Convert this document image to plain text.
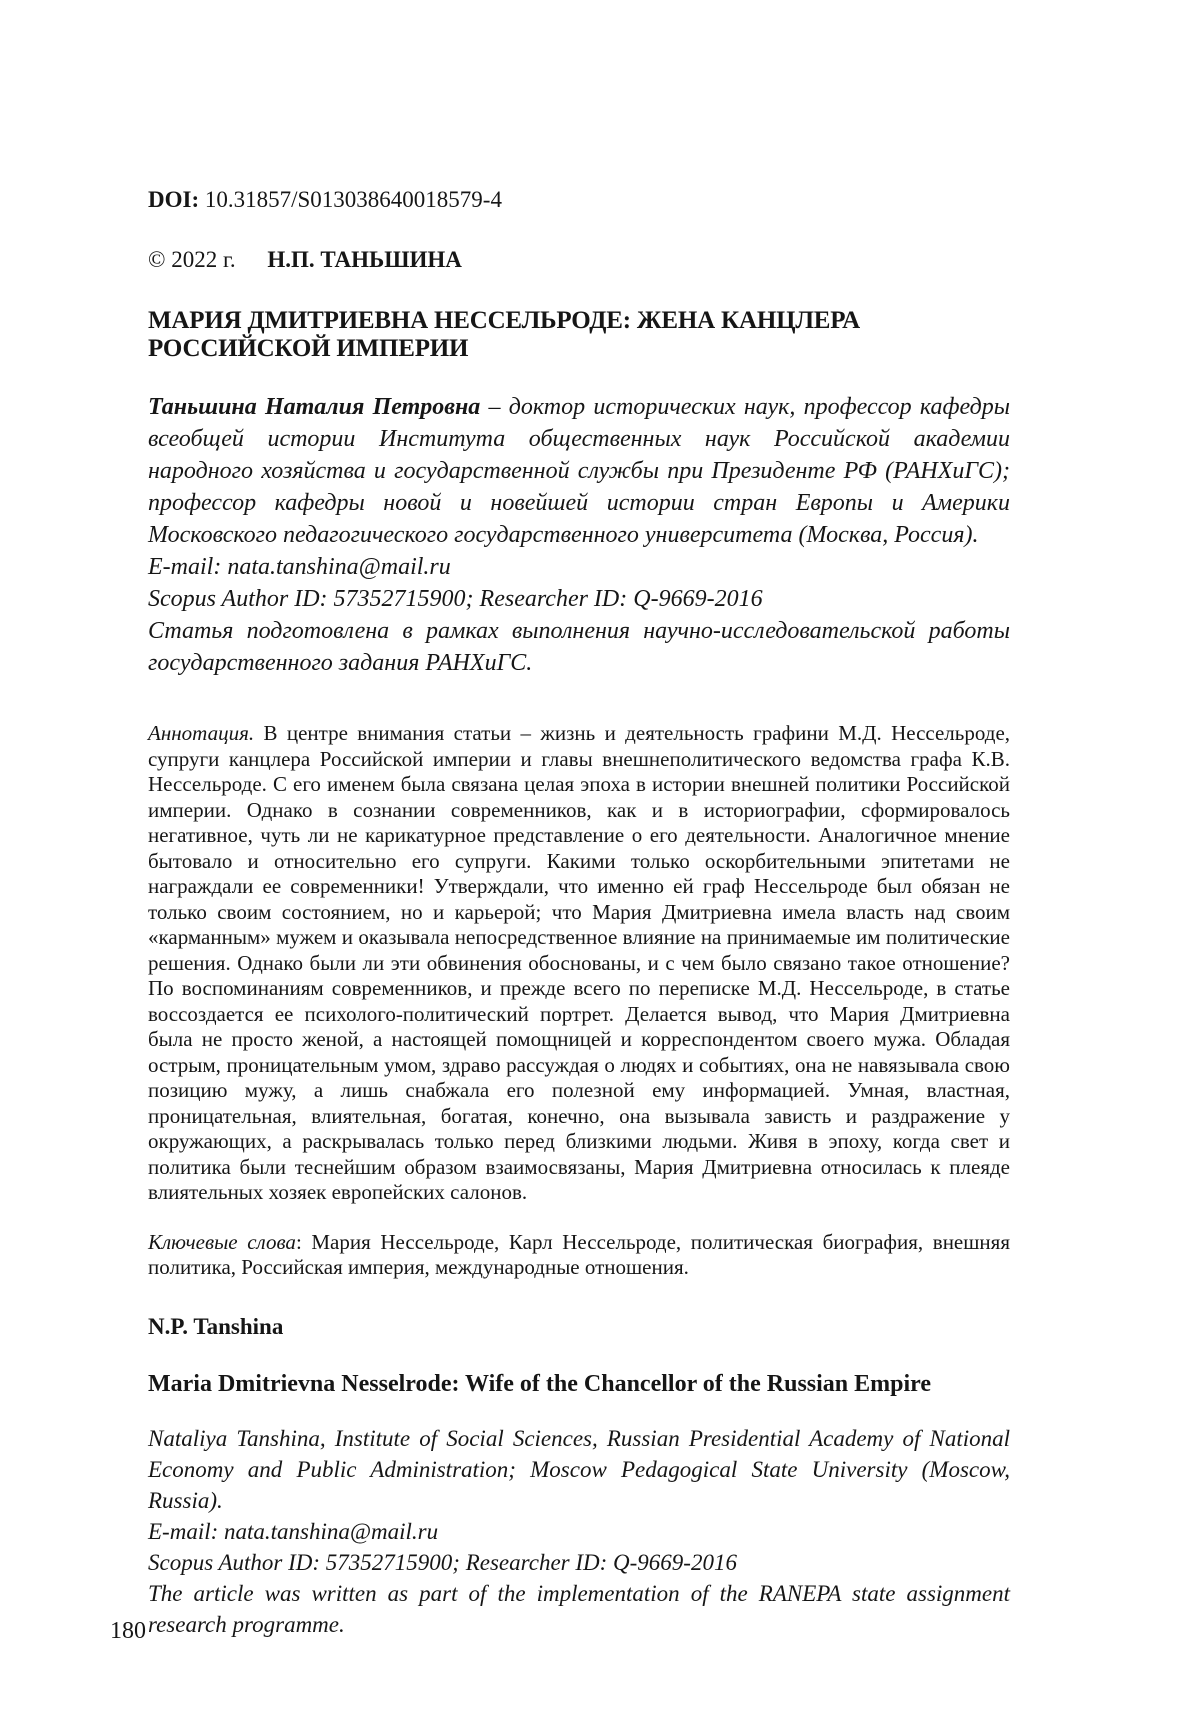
DOI: 10.31857/S013038640018579-4
© 2022 г. Н.П. ТАНЬШИНА
МАРИЯ ДМИТРИЕВНА НЕССЕЛЬРОДЕ: ЖЕНА КАНЦЛЕРА РОССИЙСКОЙ ИМПЕРИИ
Таньшина Наталия Петровна – доктор исторических наук, профессор кафедры всеобщей истории Института общественных наук Российской академии народного хозяйства и государственной службы при Президенте РФ (РАНХиГС); профессор кафедры новой и новейшей истории стран Европы и Америки Московского педагогического государственного университета (Москва, Россия).
E-mail: nata.tanshina@mail.ru
Scopus Author ID: 57352715900; Researcher ID: Q-9669-2016
Статья подготовлена в рамках выполнения научно-исследовательской работы государственного задания РАНХиГС.
Аннотация. В центре внимания статьи – жизнь и деятельность графини М.Д. Нессельроде, супруги канцлера Российской империи и главы внешнеполитического ведомства графа К.В. Нессельроде. С его именем была связана целая эпоха в истории внешней политики Российской империи. Однако в сознании современников, как и в историографии, сформировалось негативное, чуть ли не карикатурное представление о его деятельности. Аналогичное мнение бытовало и относительно его супруги. Какими только оскорбительными эпитетами не награждали ее современники! Утверждали, что именно ей граф Нессельроде был обязан не только своим состоянием, но и карьерой; что Мария Дмитриевна имела власть над своим «карманным» мужем и оказывала непосредственное влияние на принимаемые им политические решения. Однако были ли эти обвинения обоснованы, и с чем было связано такое отношение? По воспоминаниям современников, и прежде всего по переписке М.Д. Нессельроде, в статье воссоздается ее психолого-политический портрет. Делается вывод, что Мария Дмитриевна была не просто женой, а настоящей помощницей и корреспондентом своего мужа. Обладая острым, проницательным умом, здраво рассуждая о людях и событиях, она не навязывала свою позицию мужу, а лишь снабжала его полезной ему информацией. Умная, властная, проницательная, влиятельная, богатая, конечно, она вызывала зависть и раздражение у окружающих, а раскрывалась только перед близкими людьми. Живя в эпоху, когда свет и политика были теснейшим образом взаимосвязаны, Мария Дмитриевна относилась к плеяде влиятельных хозяек европейских салонов.
Ключевые слова: Мария Нессельроде, Карл Нессельроде, политическая биография, внешняя политика, Российская империя, международные отношения.
N.P. Tanshina
Maria Dmitrievna Nesselrode: Wife of the Chancellor of the Russian Empire
Nataliya Tanshina, Institute of Social Sciences, Russian Presidential Academy of National Economy and Public Administration; Moscow Pedagogical State University (Moscow, Russia).
E-mail: nata.tanshina@mail.ru
Scopus Author ID: 57352715900; Researcher ID: Q-9669-2016
The article was written as part of the implementation of the RANEPA state assignment research programme.
180
